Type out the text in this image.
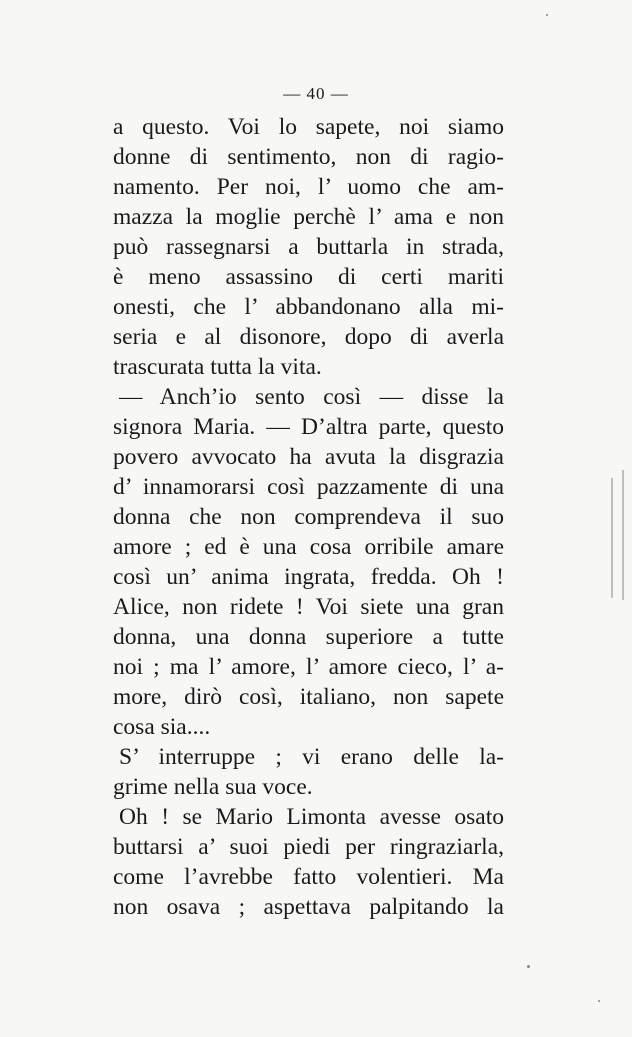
— 40 —
a questo. Voi lo sapete, noi siamo
donne di sentimento, non di ragio-
namento. Per noi, l’ uomo che am-
mazza la moglie perchè l’ ama e non
può rassegnarsi a buttarla in strada,
è meno assassino di certi mariti
onesti, che l’ abbandonano alla mi-
seria e al disonore, dopo di averla
trascurata tutta la vita.
— Anch’io sento così — disse la
signora Maria. — D’altra parte, questo
povero avvocato ha avuta la disgrazia
d’ innamorarsi così pazzamente di una
donna che non comprendeva il suo
amore ; ed è una cosa orribile amare
così un’ anima ingrata, fredda. Oh !
Alice, non ridete ! Voi siete una gran
donna, una donna superiore a tutte
noi ; ma l’ amore, l’ amore cieco, l’ a-
more, dirò così, italiano, non sapete
cosa sia....
S’ interruppe ; vi erano delle la-
grime nella sua voce.
Oh ! se Mario Limonta avesse osato
buttarsi a’ suoi piedi per ringraziarla,
come l’avrebbe fatto volentieri. Ma
non osava ; aspettava palpitando la
